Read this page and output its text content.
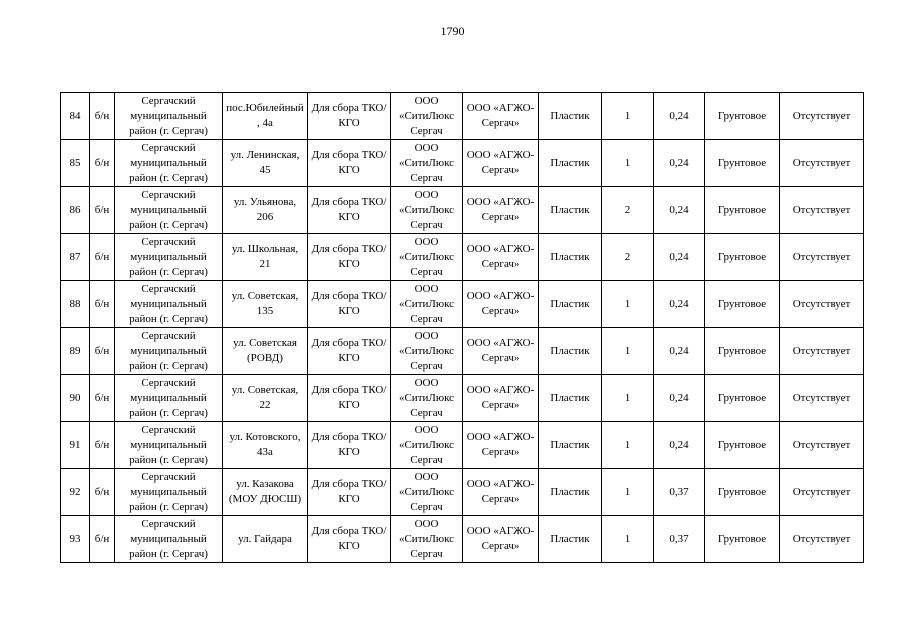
1790
84	б/н	Сергачский муниципальный район (г. Сергач)	пос.Юбилейный, 4а	Для сбора ТКО/КГО	ООО «СитиЛюкс Сергач	ООО «АГЖО-Сергач»	Пластик	1	0,24	Грунтовое	Отсутствует
85	б/н	Сергачский муниципальный район (г. Сергач)	ул. Ленинская, 45	Для сбора ТКО/КГО	ООО «СитиЛюкс Сергач	ООО «АГЖО-Сергач»	Пластик	1	0,24	Грунтовое	Отсутствует
86	б/н	Сергачский муниципальный район (г. Сергач)	ул. Ульянова, 206	Для сбора ТКО/КГО	ООО «СитиЛюкс Сергач	ООО «АГЖО-Сергач»	Пластик	2	0,24	Грунтовое	Отсутствует
87	б/н	Сергачский муниципальный район (г. Сергач)	ул. Школьная, 21	Для сбора ТКО/КГО	ООО «СитиЛюкс Сергач	ООО «АГЖО-Сергач»	Пластик	2	0,24	Грунтовое	Отсутствует
88	б/н	Сергачский муниципальный район (г. Сергач)	ул. Советская, 135	Для сбора ТКО/КГО	ООО «СитиЛюкс Сергач	ООО «АГЖО-Сергач»	Пластик	1	0,24	Грунтовое	Отсутствует
89	б/н	Сергачский муниципальный район (г. Сергач)	ул. Советская (РОВД)	Для сбора ТКО/КГО	ООО «СитиЛюкс Сергач	ООО «АГЖО-Сергач»	Пластик	1	0,24	Грунтовое	Отсутствует
90	б/н	Сергачский муниципальный район (г. Сергач)	ул. Советская, 22	Для сбора ТКО/КГО	ООО «СитиЛюкс Сергач	ООО «АГЖО-Сергач»	Пластик	1	0,24	Грунтовое	Отсутствует
91	б/н	Сергачский муниципальный район (г. Сергач)	ул. Котовского, 43а	Для сбора ТКО/КГО	ООО «СитиЛюкс Сергач	ООО «АГЖО-Сергач»	Пластик	1	0,24	Грунтовое	Отсутствует
92	б/н	Сергачский муниципальный район (г. Сергач)	ул. Казакова (МОУ ДЮСШ)	Для сбора ТКО/КГО	ООО «СитиЛюкс Сергач	ООО «АГЖО-Сергач»	Пластик	1	0,37	Грунтовое	Отсутствует
93	б/н	Сергачский муниципальный район (г. Сергач)	ул. Гайдара	Для сбора ТКО/КГО	ООО «СитиЛюкс Сергач	ООО «АГЖО-Сергач»	Пластик	1	0,37	Грунтовое	Отсутствует
